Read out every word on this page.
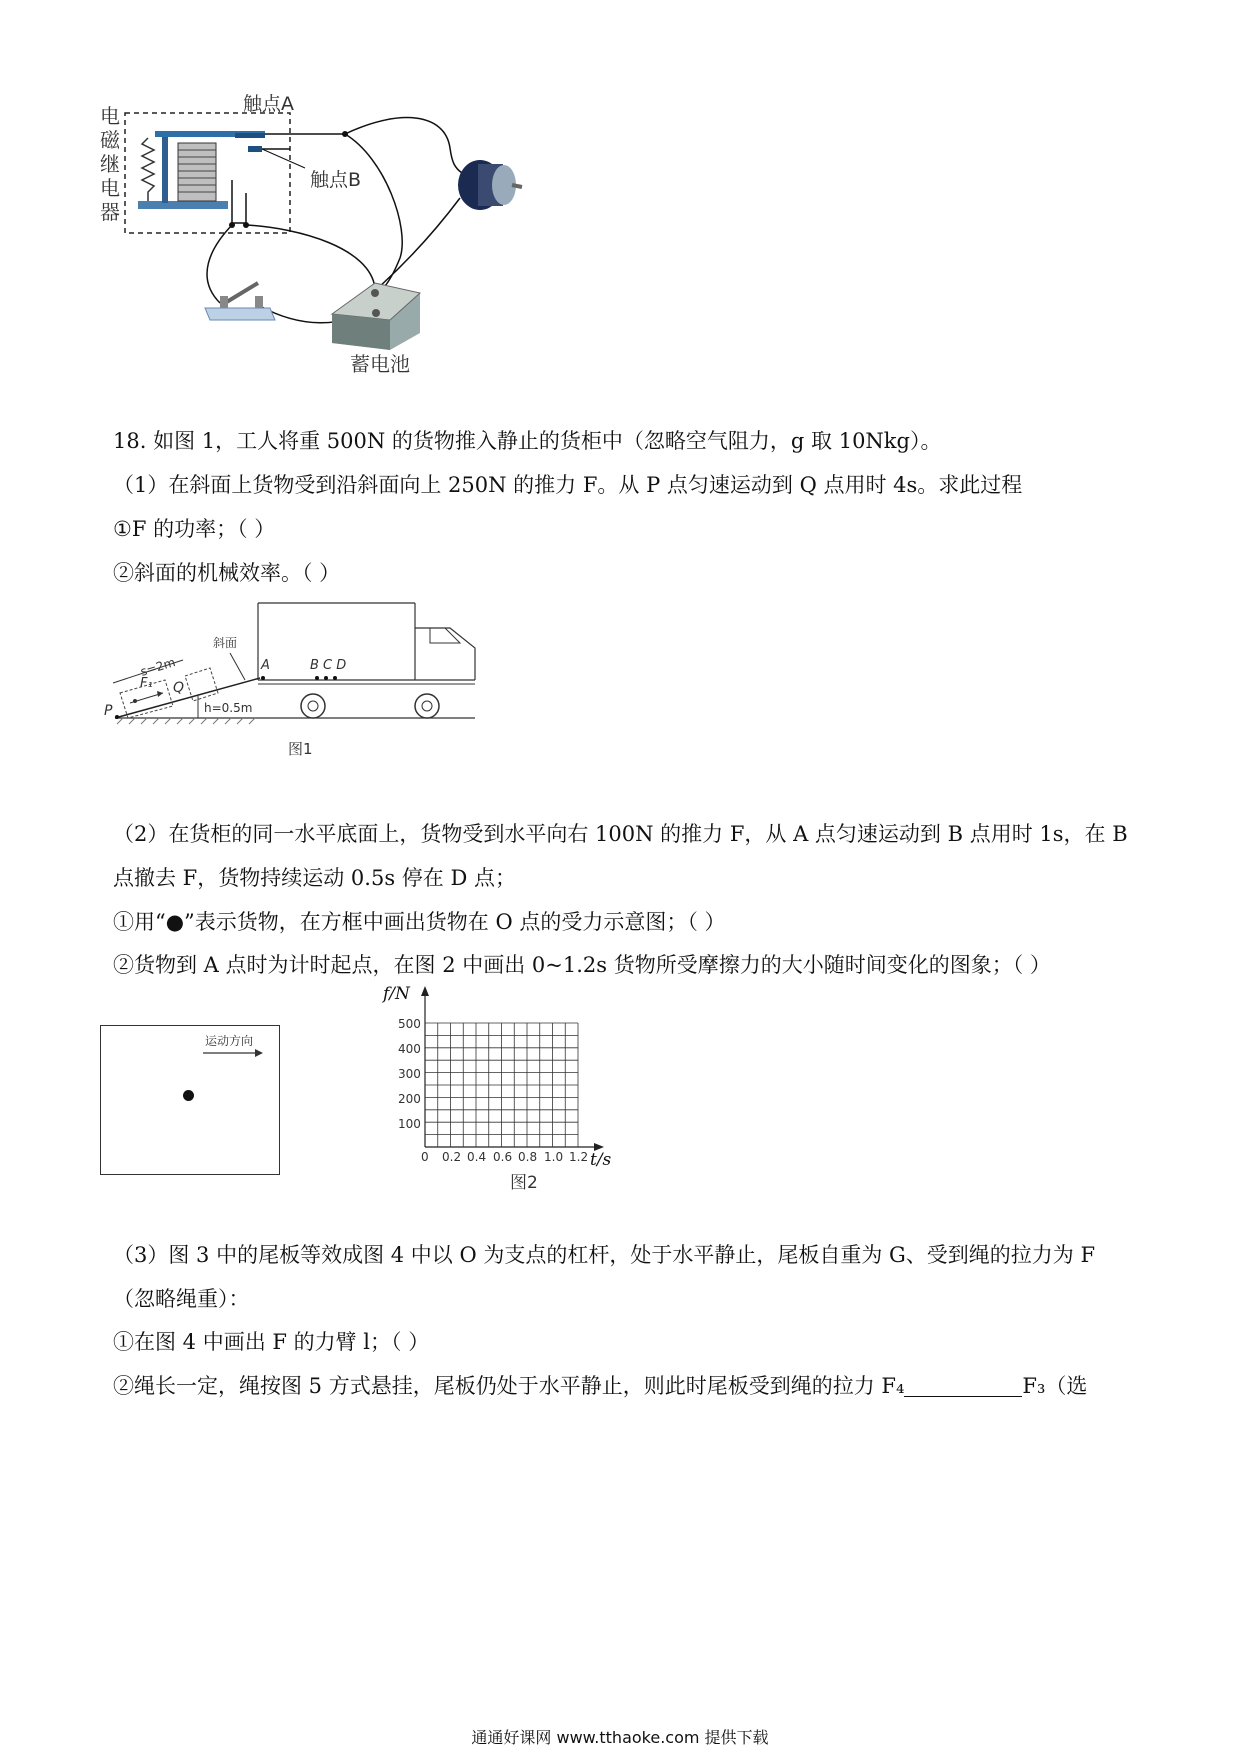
电磁继电器
触点A
触点B
蓄电池
18. 如图 1，工人将重 500N 的货物推入静止的货柜中（忽略空气阻力，g 取 10Nkg）。
（1）在斜面上货物受到沿斜面向上 250N 的推力 F。从 P 点匀速运动到 Q 点用时 4s。求此过程
①F 的功率；（ ）
②斜面的机械效率。（ ）
斜面
s=2m
F₁ Q
P	h=0.5m
A	B C D
图1
（2）在货柜的同一水平底面上，货物受到水平向右 100N 的推力 F，从 A 点匀速运动到 B 点用时 1s，在 B
点撤去 F，货物持续运动 0.5s 停在 D 点；
①用“●”表示货物，在方框中画出货物在 O 点的受力示意图；（ ）
②货物到 A 点时为计时起点，在图 2 中画出 0~1.2s 货物所受摩擦力的大小随时间变化的图象；（ ）
运动方向
f/N
t/s
500
400
300
200
100
0 0.2 0.4 0.6 0.8 1.0 1.2
图2
（3）图 3 中的尾板等效成图 4 中以 O 为支点的杠杆，处于水平静止，尾板自重为 G、受到绳的拉力为 F
（忽略绳重）：
①在图 4 中画出 F 的力臂 l；（ ）
②绳长一定，绳按图 5 方式悬挂，尾板仍处于水平静止，则此时尾板受到绳的拉力 F₄	F₃（选
通通好课网 www.tthaoke.com 提供下载
